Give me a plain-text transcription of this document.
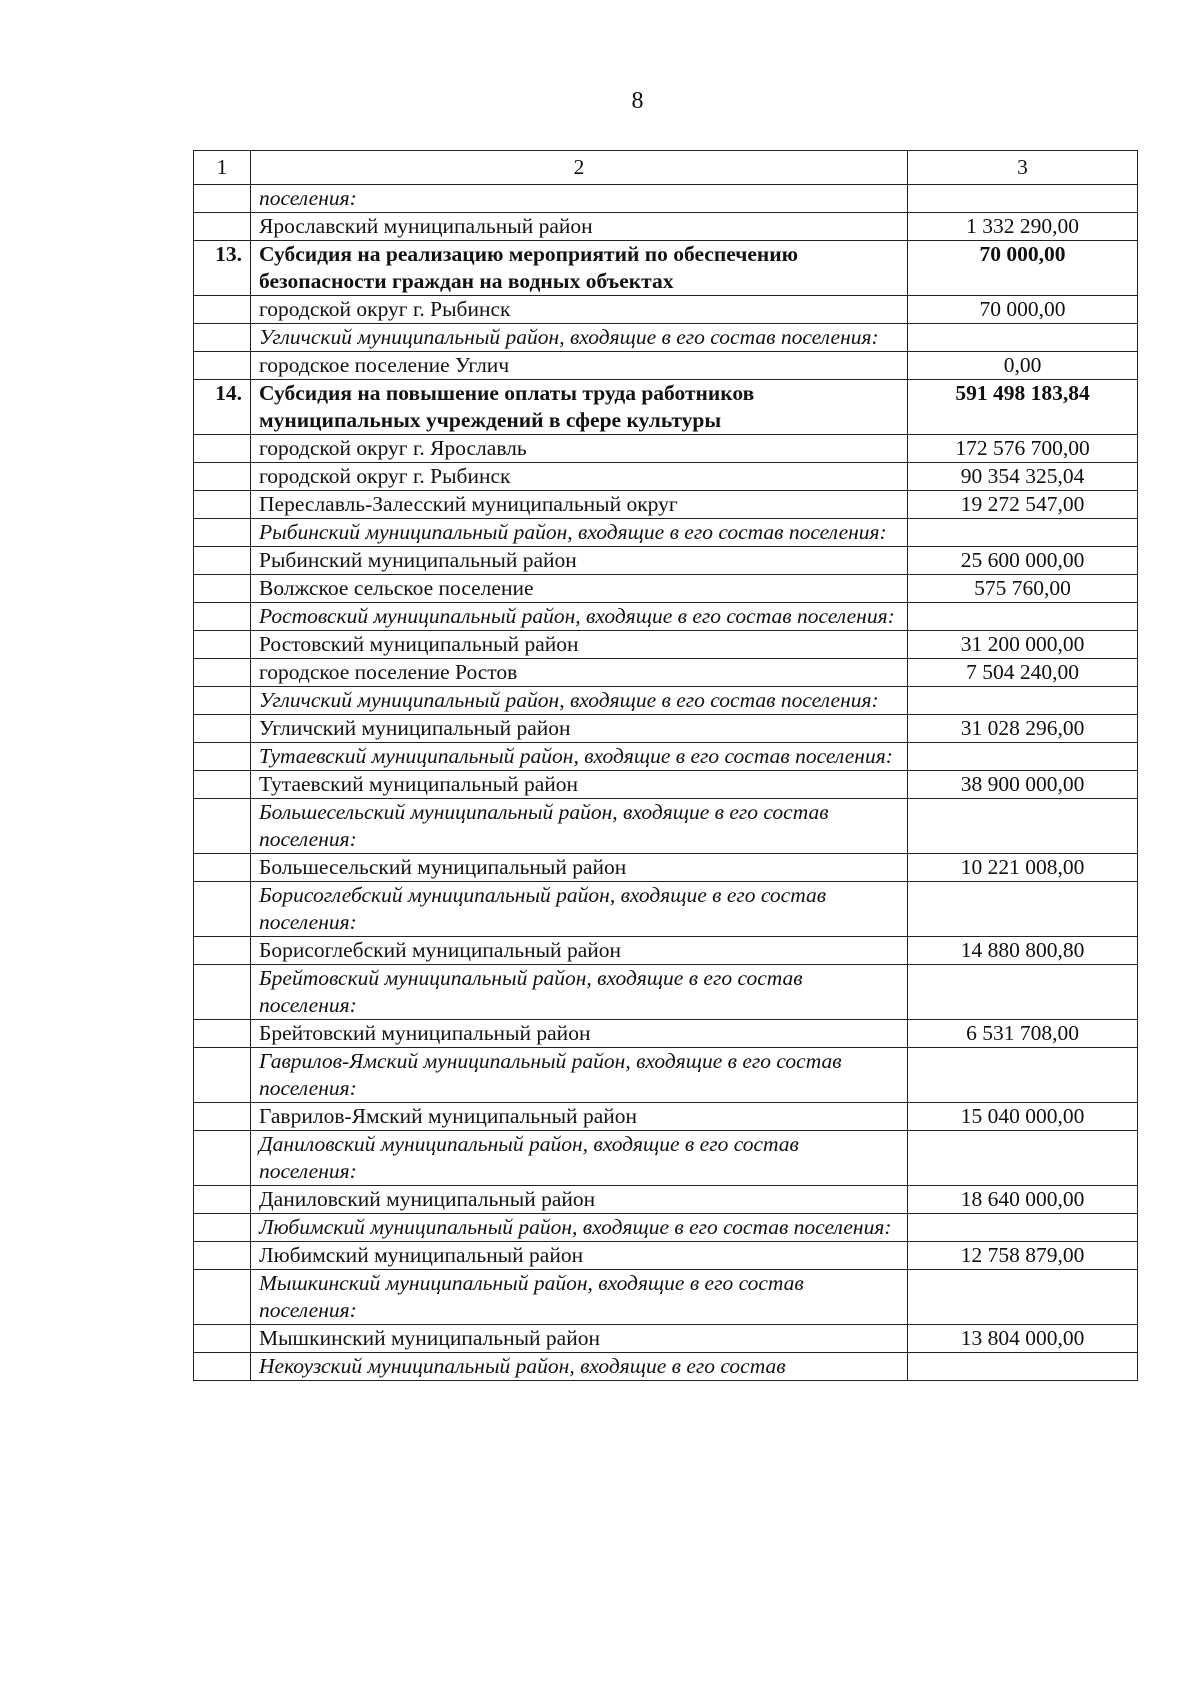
8
1	2	3
	поселения:	
	Ярославский муниципальный район	1 332 290,00
13.	Субсидия на реализацию мероприятий по обеспечению безопасности граждан на водных объектах	70 000,00
	городской округ г. Рыбинск	70 000,00
	Угличский муниципальный район, входящие в его состав поселения:	
	городское поселение Углич	0,00
14.	Субсидия на повышение оплаты труда работников муниципальных учреждений в сфере культуры	591 498 183,84
	городской округ г. Ярославль	172 576 700,00
	городской округ г. Рыбинск	90 354 325,04
	Переславль-Залесский муниципальный округ	19 272 547,00
	Рыбинский муниципальный район, входящие в его состав поселения:	
	Рыбинский муниципальный район	25 600 000,00
	Волжское сельское поселение	575 760,00
	Ростовский муниципальный район, входящие в его состав поселения:	
	Ростовский муниципальный район	31 200 000,00
	городское поселение Ростов	7 504 240,00
	Угличский муниципальный район, входящие в его состав поселения:	
	Угличский муниципальный район	31 028 296,00
	Тутаевский муниципальный район, входящие в его состав поселения:	
	Тутаевский муниципальный район	38 900 000,00
	Большесельский муниципальный район, входящие в его состав поселения:	
	Большесельский муниципальный район	10 221 008,00
	Борисоглебский муниципальный район, входящие в его состав поселения:	
	Борисоглебский муниципальный район	14 880 800,80
	Брейтовский муниципальный район, входящие в его состав поселения:	
	Брейтовский муниципальный район	6 531 708,00
	Гаврилов-Ямский муниципальный район, входящие в его состав поселения:	
	Гаврилов-Ямский муниципальный район	15 040 000,00
	Даниловский муниципальный район, входящие в его состав поселения:	
	Даниловский муниципальный район	18 640 000,00
	Любимский муниципальный район, входящие в его состав поселения:	
	Любимский муниципальный район	12 758 879,00
	Мышкинский муниципальный район, входящие в его состав поселения:	
	Мышкинский муниципальный район	13 804 000,00
	Некоузский муниципальный район, входящие в его состав	
